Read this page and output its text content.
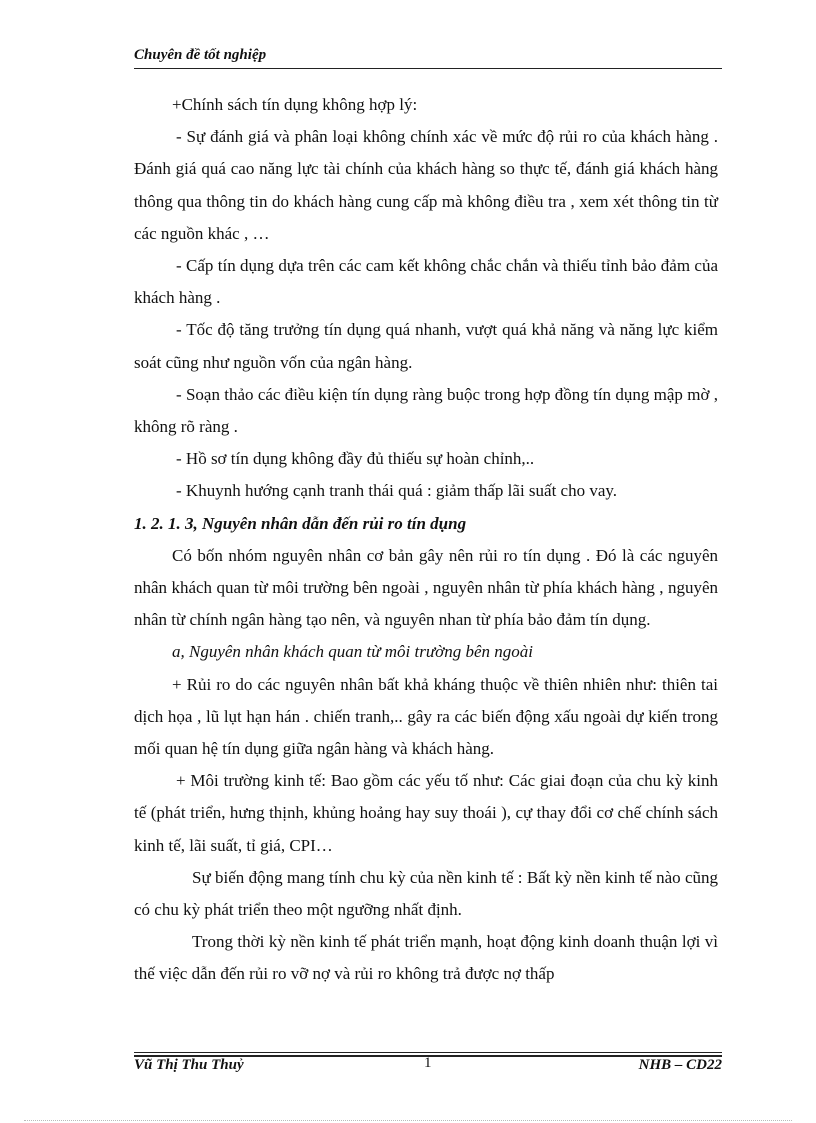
Chuyên đề tốt nghiệp

+Chính sách tín dụng không hợp lý:

- Sự đánh giá và phân loại không chính xác về mức độ rủi ro của khách hàng . Đánh giá quá cao năng lực tài chính của khách hàng so thực tế, đánh giá khách hàng thông qua thông tin do khách hàng cung cấp mà không điều tra , xem xét thông tin từ các nguồn khác , …

- Cấp tín dụng dựa trên các cam kết không chắc chắn và thiếu tỉnh bảo đảm của khách hàng .

- Tốc độ tăng trưởng tín dụng quá nhanh, vượt quá khả năng và năng lực kiểm soát cũng như nguồn vốn của ngân hàng.

- Soạn thảo các điều kiện tín dụng ràng buộc trong hợp đồng tín dụng mập mờ , không rõ ràng .

- Hồ sơ tín dụng không đầy đủ thiếu sự hoàn chỉnh,..

- Khuynh hướng cạnh tranh thái quá : giảm thấp lãi suất cho vay.

1. 2. 1. 3, Nguyên nhân dẫn đến rủi ro tín dụng

Có bốn nhóm nguyên nhân cơ bản gây nên rủi ro tín dụng . Đó là các nguyên nhân khách quan từ môi trường bên ngoài , nguyên nhân từ phía khách hàng , nguyên nhân từ chính ngân hàng tạo nên, và nguyên nhan từ phía bảo đảm tín dụng.

a, Nguyên nhân khách quan từ môi trường bên ngoài

+ Rủi ro do các nguyên nhân bất khả kháng thuộc về thiên nhiên như: thiên tai dịch họa , lũ lụt hạn hán . chiến tranh,.. gây ra các biến động xấu ngoài dự kiến trong mối quan hệ tín dụng giữa ngân hàng và khách hàng.

+ Môi trường kinh tế: Bao gồm các yếu tố như: Các giai đoạn của chu kỳ kinh tế (phát triển, hưng thịnh, khủng hoảng hay suy thoái ), cự thay đổi cơ chế chính sách kinh tế, lãi suất, tỉ giá, CPI…

Sự biến động mang tính chu kỳ của nền kinh tế : Bất kỳ nền kinh tế nào cũng có chu kỳ phát triển theo một ngưỡng nhất định.

Trong thời kỳ nền kinh tế phát triển mạnh, hoạt động kinh doanh thuận lợi vì thế việc dẫn đến rủi ro vỡ nợ và rủi ro không trả được nợ thấp

Vũ Thị Thu Thuỷ	1	NHB – CD22
